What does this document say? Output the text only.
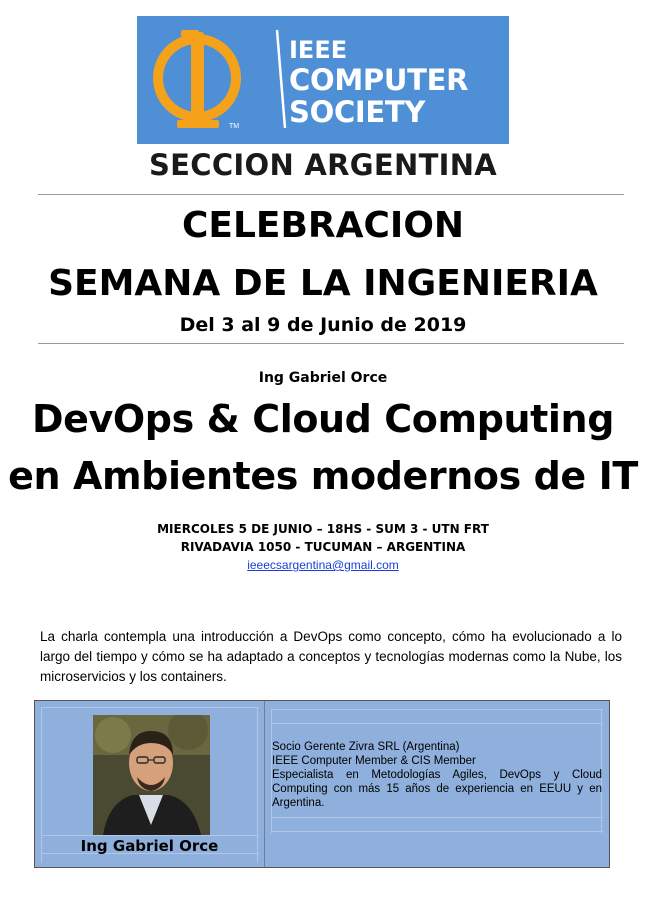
TM
IEEE
COMPUTER
SOCIETY
SECCION ARGENTINA
CELEBRACION
SEMANA DE LA INGENIERIA
Del 3 al 9 de Junio de 2019
Ing Gabriel Orce
DevOps & Cloud Computing
en Ambientes modernos de IT
MIERCOLES 5 DE JUNIO – 18HS - SUM 3 - UTN FRT
RIVADAVIA 1050 - TUCUMAN – ARGENTINA
ieeecsargentina@gmail.com
La charla contempla una introducción a DevOps como concepto, cómo ha evolucionado a lo largo del tiempo y cómo se ha adaptado a conceptos y tecnologías modernas como la Nube, los microservicios y los containers.
Ing Gabriel Orce
Socio Gerente Zivra SRL (Argentina)
IEEE Computer Member & CIS Member
Especialista en Metodologías Agiles, DevOps y Cloud Computing con más 15 años de experiencia en EEUU y en Argentina.
